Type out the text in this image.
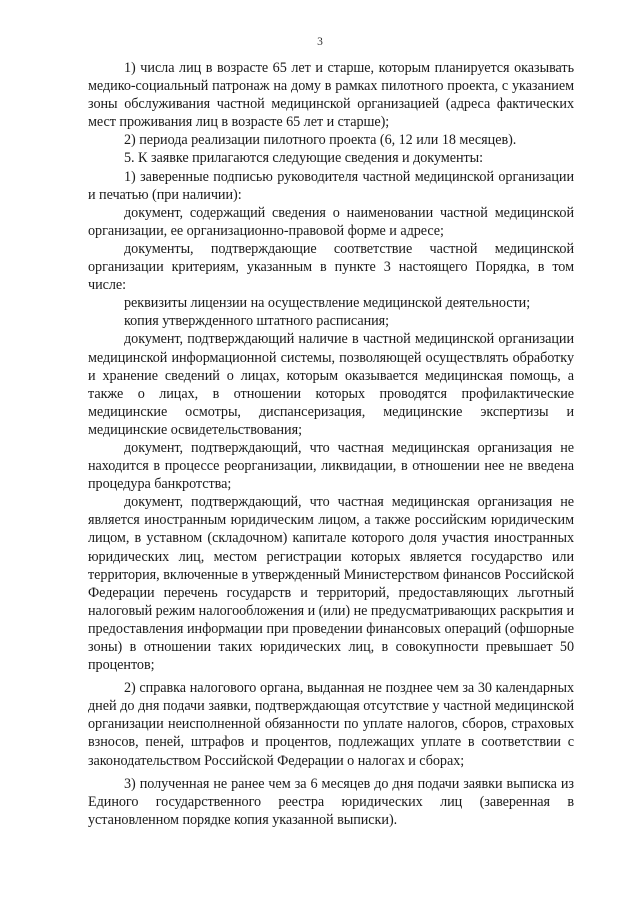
3

1) числа лиц в возрасте 65 лет и старше, которым планируется оказывать медико-социальный патронаж на дому в рамках пилотного проекта, с указанием зоны обслуживания частной медицинской организацией (адреса фактических мест проживания лиц в возрасте 65 лет и старше);

2) периода реализации пилотного проекта (6, 12 или 18 месяцев).

5. К заявке прилагаются следующие сведения и документы:

1) заверенные подписью руководителя частной медицинской организации и печатью (при наличии):

документ, содержащий сведения о наименовании частной медицинской организации, ее организационно-правовой форме и адресе;

документы, подтверждающие соответствие частной медицинской организации критериям, указанным в пункте 3 настоящего Порядка, в том числе:

реквизиты лицензии на осуществление медицинской деятельности;

копия утвержденного штатного расписания;

документ, подтверждающий наличие в частной медицинской организации медицинской информационной системы, позволяющей осуществлять обработку и хранение сведений о лицах, которым оказывается медицинская помощь, а также о лицах, в отношении которых проводятся профилактические медицинские осмотры, диспансеризация, медицинские экспертизы и медицинские освидетельствования;

документ, подтверждающий, что частная медицинская организация не находится в процессе реорганизации, ликвидации, в отношении нее не введена процедура банкротства;

документ, подтверждающий, что частная медицинская организация не является иностранным юридическим лицом, а также российским юридическим лицом, в уставном (складочном) капитале которого доля участия иностранных юридических лиц, местом регистрации которых является государство или территория, включенные в утвержденный Министерством финансов Российской Федерации перечень государств и территорий, предоставляющих льготный налоговый режим налогообложения и (или) не предусматривающих раскрытия и предоставления информации при проведении финансовых операций (офшорные зоны) в отношении таких юридических лиц, в совокупности превышает 50 процентов;

2) справка налогового органа, выданная не позднее чем за 30 календарных дней до дня подачи заявки, подтверждающая отсутствие у частной медицинской организации неисполненной обязанности по уплате налогов, сборов, страховых взносов, пеней, штрафов и процентов, подлежащих уплате в соответствии с законодательством Российской Федерации о налогах и сборах;

3) полученная не ранее чем за 6 месяцев до дня подачи заявки выписка из Единого государственного реестра юридических лиц (заверенная в установленном порядке копия указанной выписки).
